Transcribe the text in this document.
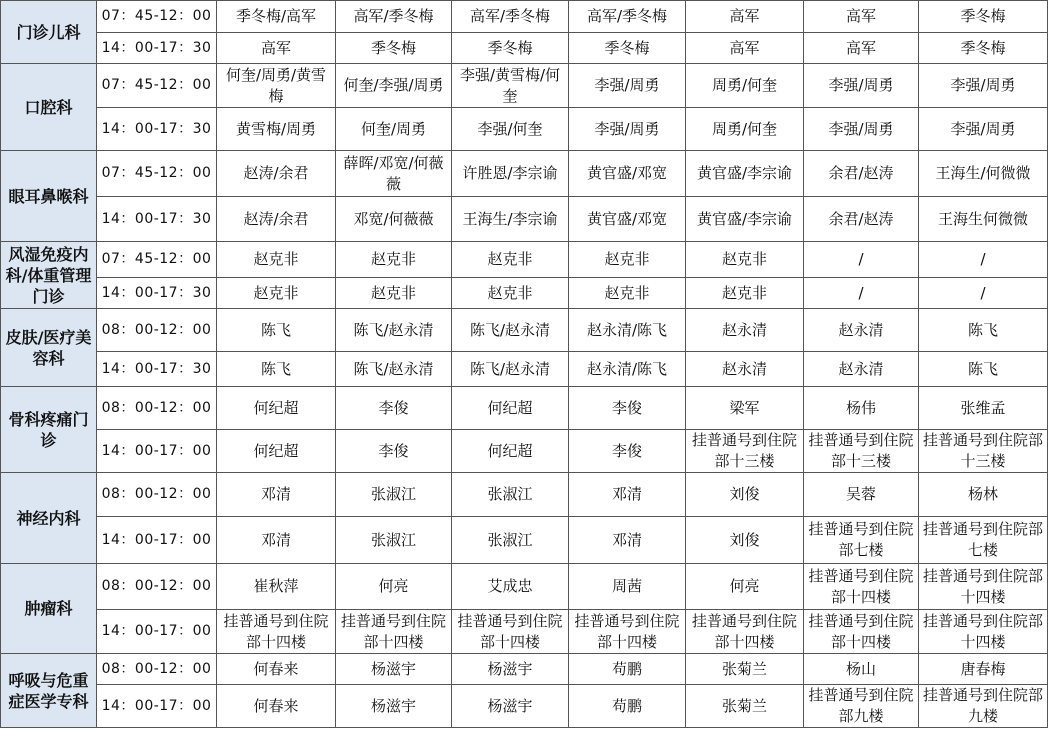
门诊儿科	07：45-12：00	季冬梅/高军	高军/季冬梅	高军/季冬梅	高军/季冬梅	高军	高军	季冬梅
	14：00-17：30	高军	季冬梅	季冬梅	季冬梅	高军	高军	季冬梅
口腔科	07：45-12：00	何奎/周勇/黄雪梅	何奎/李强/周勇	李强/黄雪梅/何奎	李强/周勇	周勇/何奎	李强/周勇	李强/周勇
	14：00-17：30	黄雪梅/周勇	何奎/周勇	李强/何奎	李强/周勇	周勇/何奎	李强/周勇	李强/周勇
眼耳鼻喉科	07：45-12：00	赵涛/余君	薛晖/邓宽/何薇薇	许胜恩/李宗谕	黄官盛/邓宽	黄官盛/李宗谕	余君/赵涛	王海生/何微微
	14：00-17：30	赵涛/余君	邓宽/何薇薇	王海生/李宗谕	黄官盛/邓宽	黄官盛/李宗谕	余君/赵涛	王海生何微微
风湿免疫内科/体重管理门诊	07：45-12：00	赵克非	赵克非	赵克非	赵克非	赵克非	/	/
	14：00-17：30	赵克非	赵克非	赵克非	赵克非	赵克非	/	/
皮肤/医疗美容科	08：00-12：00	陈飞	陈飞/赵永清	陈飞/赵永清	赵永清/陈飞	赵永清	赵永清	陈飞
	14：00-17：30	陈飞	陈飞/赵永清	陈飞/赵永清	赵永清/陈飞	赵永清	赵永清	陈飞
骨科疼痛门诊	08：00-12：00	何纪超	李俊	何纪超	李俊	梁军	杨伟	张维孟
	14：00-17：00	何纪超	李俊	何纪超	李俊	挂普通号到住院部十三楼	挂普通号到住院部十三楼	挂普通号到住院部十三楼
神经内科	08：00-12：00	邓清	张淑江	张淑江	邓清	刘俊	吴蓉	杨林
	14：00-17：00	邓清	张淑江	张淑江	邓清	刘俊	挂普通号到住院部七楼	挂普通号到住院部七楼
肿瘤科	08：00-12：00	崔秋萍	何亮	艾成忠	周茜	何亮	挂普通号到住院部十四楼	挂普通号到住院部十四楼
	14：00-17：00	挂普通号到住院部十四楼	挂普通号到住院部十四楼	挂普通号到住院部十四楼	挂普通号到住院部十四楼	挂普通号到住院部十四楼	挂普通号到住院部十四楼	挂普通号到住院部十四楼
呼吸与危重症医学专科	08：00-12：00	何春来	杨滋宇	杨滋宇	苟鹏	张菊兰	杨山	唐春梅
	14：00-17：00	何春来	杨滋宇	杨滋宇	苟鹏	张菊兰	挂普通号到住院部九楼	挂普通号到住院部九楼
